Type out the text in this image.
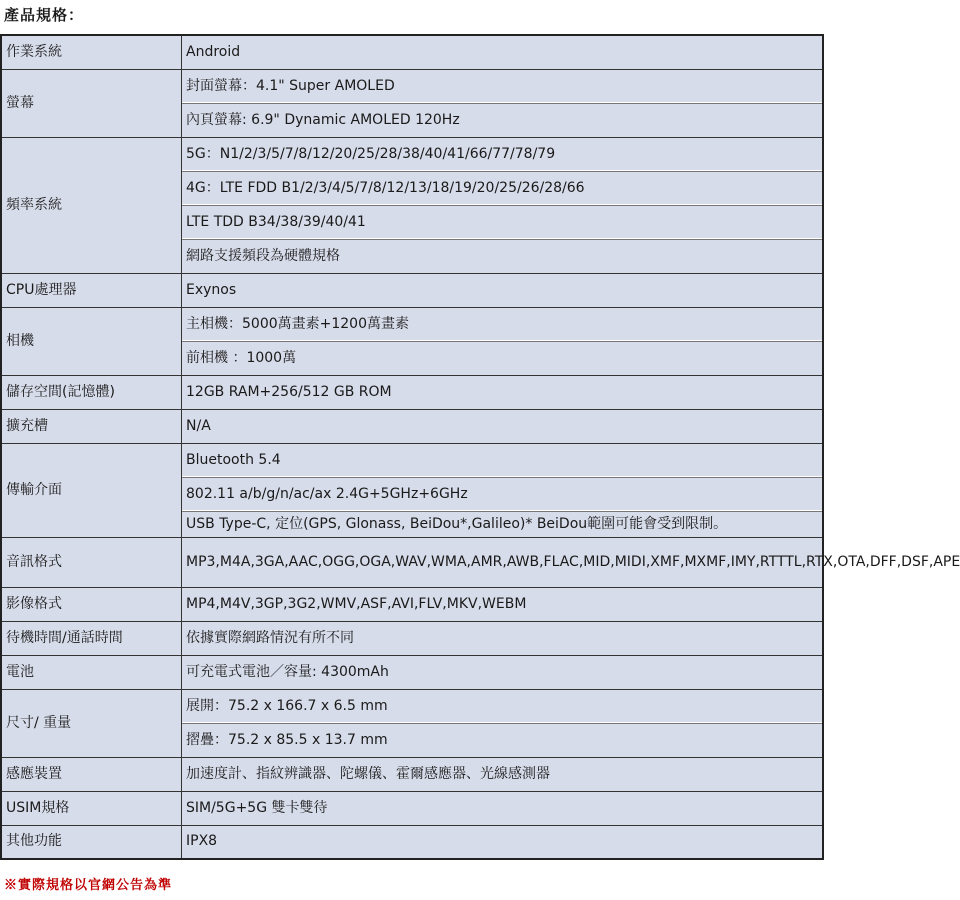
產品規格：
作業系統	Android
螢幕	封面螢幕：4.1" Super AMOLED
	內頁螢幕: 6.9" Dynamic AMOLED 120Hz
頻率系統	5G：N1/2/3/5/7/8/12/20/25/28/38/40/41/66/77/78/79
	4G：LTE FDD B1/2/3/4/5/7/8/12/13/18/19/20/25/26/28/66
	LTE TDD B34/38/39/40/41
	網路支援頻段為硬體規格
CPU處理器	Exynos
相機	主相機：5000萬畫素+1200萬畫素
	前相機 ：1000萬
儲存空間(記憶體)	12GB RAM+256/512 GB ROM
擴充槽	N/A
傳輸介面	Bluetooth 5.4
	802.11 a/b/g/n/ac/ax 2.4G+5GHz+6GHz
	USB Type-C, 定位(GPS, Glonass, BeiDou*,Galileo)* BeiDou範圍可能會受到限制。
音訊格式	MP3,M4A,3GA,AAC,OGG,OGA,WAV,WMA,AMR,AWB,FLAC,MID,MIDI,XMF,MXMF,IMY,RTTTL,RTX,OTA,DFF,DSF,APE
影像格式	MP4,M4V,3GP,3G2,WMV,ASF,AVI,FLV,MKV,WEBM
待機時間/通話時間	依據實際網路情況有所不同
電池	可充電式電池／容量: 4300mAh
尺寸/ 重量	展開：75.2 x 166.7 x 6.5 mm
	摺疊：75.2 x 85.5 x 13.7 mm
感應裝置	加速度計、指紋辨識器、陀螺儀、霍爾感應器、光線感測器
USIM規格	SIM/5G+5G 雙卡雙待
其他功能	IPX8
※實際規格以官網公告為準
